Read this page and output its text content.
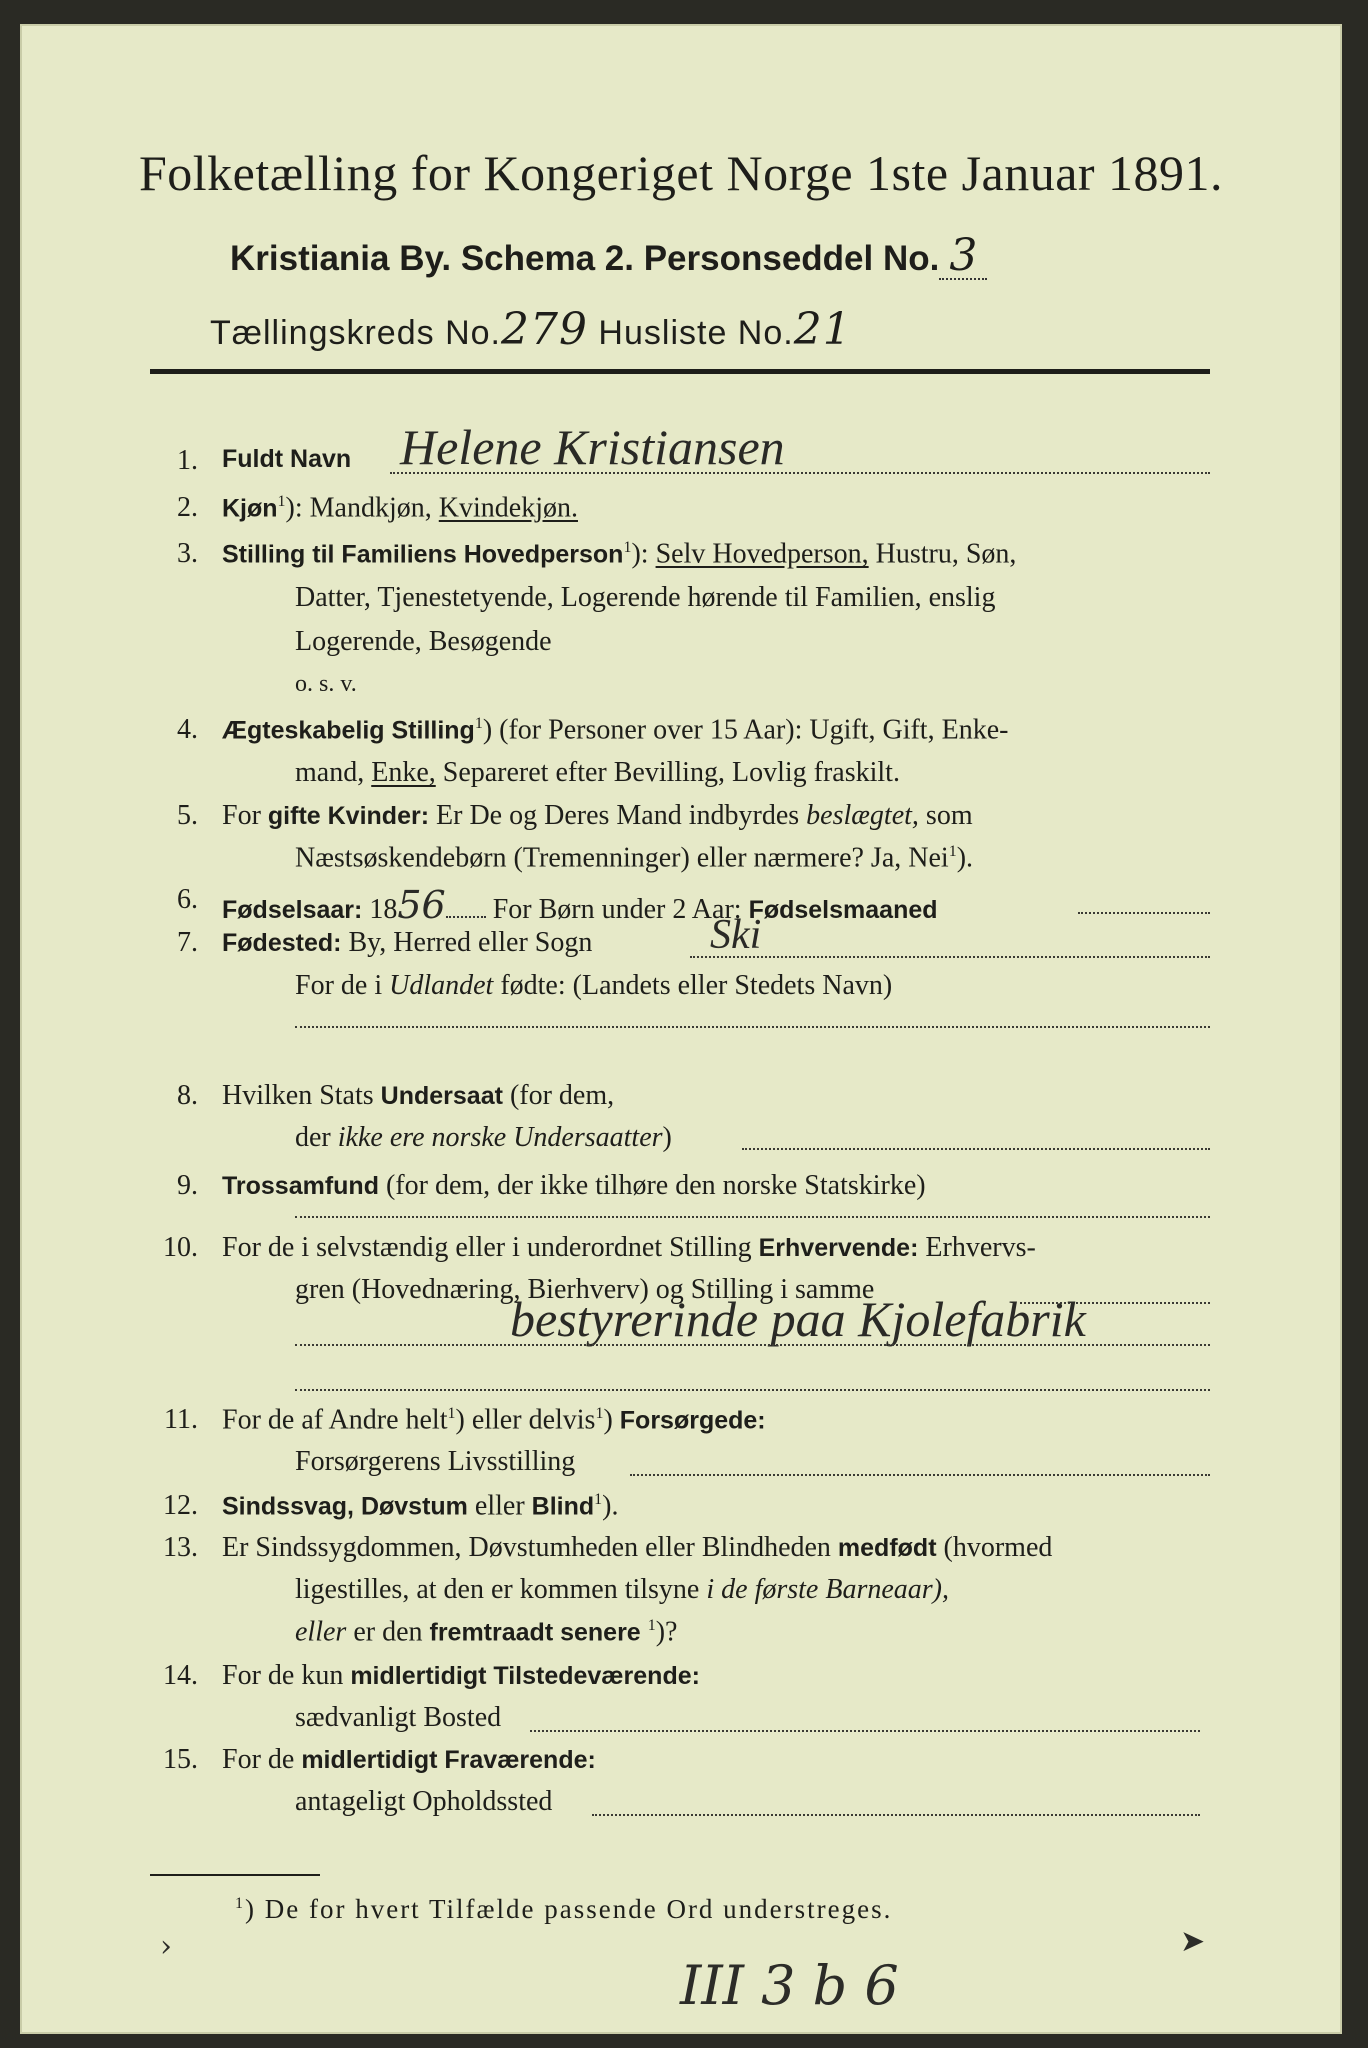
Folketælling for Kongeriget Norge 1ste Januar 1891.
Kristiania By. Schema 2. Personseddel No. 3
Tællingskreds No.279 Husliste No.21
1. Fuldt Navn Helene Kristiansen
2. Kjøn$^1$): Mandkjøn, Kvindekjøn.
3. Stilling til Familiens Hovedperson$^1$): Selv Hovedperson, Hustru, Søn,
Datter, Tjenestetyende, Logerende hørende til Familien, enslig
Logerende, Besøgende
o. s. v.
4. Ægteskabelig Stilling$^1$) (for Personer over 15 Aar): Ugift, Gift, Enke-
mand, Enke, Separeret efter Bevilling, Lovlig fraskilt.
5. For gifte Kvinder: Er De og Deres Mand indbyrdes beslægtet, som
Næstsøskendebørn (Tremenninger) eller nærmere? Ja, Nei$^1$).
6. Fødselsaar: 1856 For Børn under 2 Aar: Fødselsmaaned
7. Fødested: By, Herred eller Sogn	Ski
For de i Udlandet fødte: (Landets eller Stedets Navn)
8. Hvilken Stats Undersaat (for dem,
der ikke ere norske Undersaatter)
9. Trossamfund (for dem, der ikke tilhøre den norske Statskirke)
10. For de i selvstændig eller i underordnet Stilling Erhvervende: Erhvervs-
gren (Hovednæring, Bierhverv) og Stilling i samme
bestyrerinde paa Kjolefabrik
11. For de af Andre helt$^1$) eller delvis$^1$) Forsørgede:
Forsørgerens Livsstilling
12. Sindssvag, Døvstum eller Blind$^1$).
13. Er Sindssygdommen, Døvstumheden eller Blindheden medfødt (hvormed
ligestilles, at den er kommen tilsyne i de første Barneaar),
eller er den fremtraadt senere $^1$)?
14. For de kun midlertidigt Tilstedeværende:
sædvanligt Bosted
15. For de midlertidigt Fraværende:
antageligt Opholdssted
$^1$) De for hvert Tilfælde passende Ord understreges.
III 3 b 6
›	➤
